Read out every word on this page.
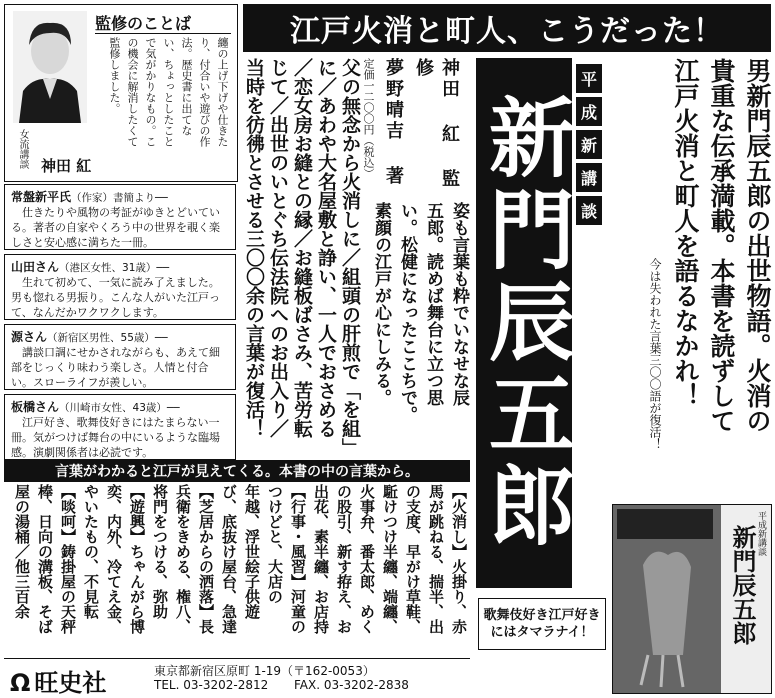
江戸火消と町人、こうだった！
監修のことば
纏の上げ下げや仕きたり、付合いや遊びの作法。歴史書に出てない、ちょっとしたことで気がかりなもの。この機会に解消したくて監修しました。
女流講談 神田 紅
常盤新平氏（作家）書簡より──
仕きたりや風物の考証がゆきとどいている。著者の自家やくろう中の世界を覗く楽しさと安心感に満ちた一冊。
山田さん（港区女性、31歳）──
生れて初めて、一気に読み了えました。男も惚れる男振り。こんな人がいた江戸って、なんだかワクワクします。
源さん（新宿区男性、55歳）──
講談口調にせかされながらも、あえて細部をじっくり味わう楽しさ。人情と付合い。スローライフが羨しい。
板橋さん（川崎市女性、43歳）──
江戸好き、歌舞伎好きにはたまらない一冊。気がつけば舞台の中にいるような臨場感。演劇関係者は必読です。	父の無念から火消しに／組頭の肝煎で「を組」
に／あわや大名屋敷と諍い、一人でおさめる
／恋女房お縫との縁／お縫板ばさみ、苦労転
じて／出世のいとぐち伝法院へのお出入り／
当時を彷彿とさせる三〇〇余の言葉が復活！	神田 紅 監修
夢野晴吉 著
定価一二〇〇円（税込）
姿も言葉も粋でいなせな辰
五郎。読めば舞台に立つ思
い。松健になったここちで。
素顔の江戸が心にしみる。
平
成
新
講
談
新門辰五郎	男新門辰五郎の出世物語。火消の
貴重な伝承満載。本書を読ずして
江戸火消と町人を語るなかれ！
今は失われた言葉三〇〇語が復活！
言葉がわかると江戸が見えてくる。本書の中の言葉から。
【火消し】火掛り、赤
馬が跳ねる、揣半、出
の支度、早がけ草鞋、
駈けつけ半纏、端纏、
火事弁、番太郎、めく
の股引、新す拵え、お
出花、素半纏、お店持
【行事・風習】河童の
つけどと、大店の
年越、浮世絵子供遊
び、底抜け屋台、急達
【芝居からの洒落】長
兵衛をきめる、権八、
将門をつける、弥助
【遊興】ちゃんがら博
奕、内外、冷てえ金、
やいたもの、不見転
【啖呵】鋳掛屋の天秤
棒、日向の溝板、そば
屋の湯桶／他三百余
Ω 旺史社	東京都新宿区原町 1-19（〒162-0053）
TEL. 03-3202-2812 FAX. 03-3202-2838
平成新講談
新門辰五郎
歌舞伎好き江戸好きにはタマラナイ！
